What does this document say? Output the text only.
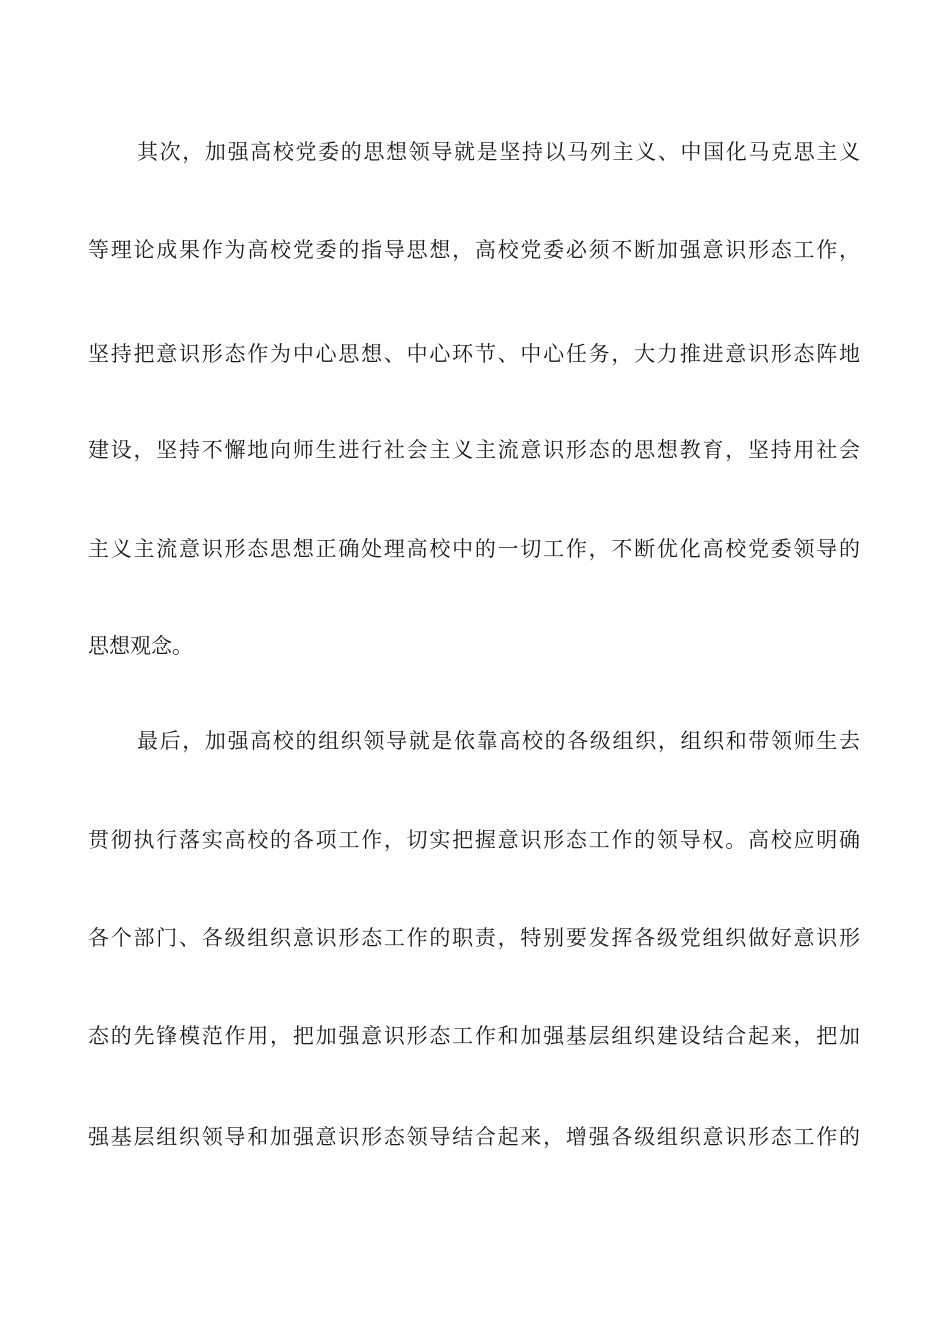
其次，加强高校党委的思想领导就是坚持以马列主义、中国化马克思主义
等理论成果作为高校党委的指导思想，高校党委必须不断加强意识形态工作，
坚持把意识形态作为中心思想、中心环节、中心任务，大力推进意识形态阵地
建设，坚持不懈地向师生进行社会主义主流意识形态的思想教育，坚持用社会
主义主流意识形态思想正确处理高校中的一切工作，不断优化高校党委领导的
思想观念。
最后，加强高校的组织领导就是依靠高校的各级组织，组织和带领师生去
贯彻执行落实高校的各项工作，切实把握意识形态工作的领导权。高校应明确
各个部门、各级组织意识形态工作的职责，特别要发挥各级党组织做好意识形
态的先锋模范作用，把加强意识形态工作和加强基层组织建设结合起来，把加
强基层组织领导和加强意识形态领导结合起来，增强各级组织意识形态工作的
